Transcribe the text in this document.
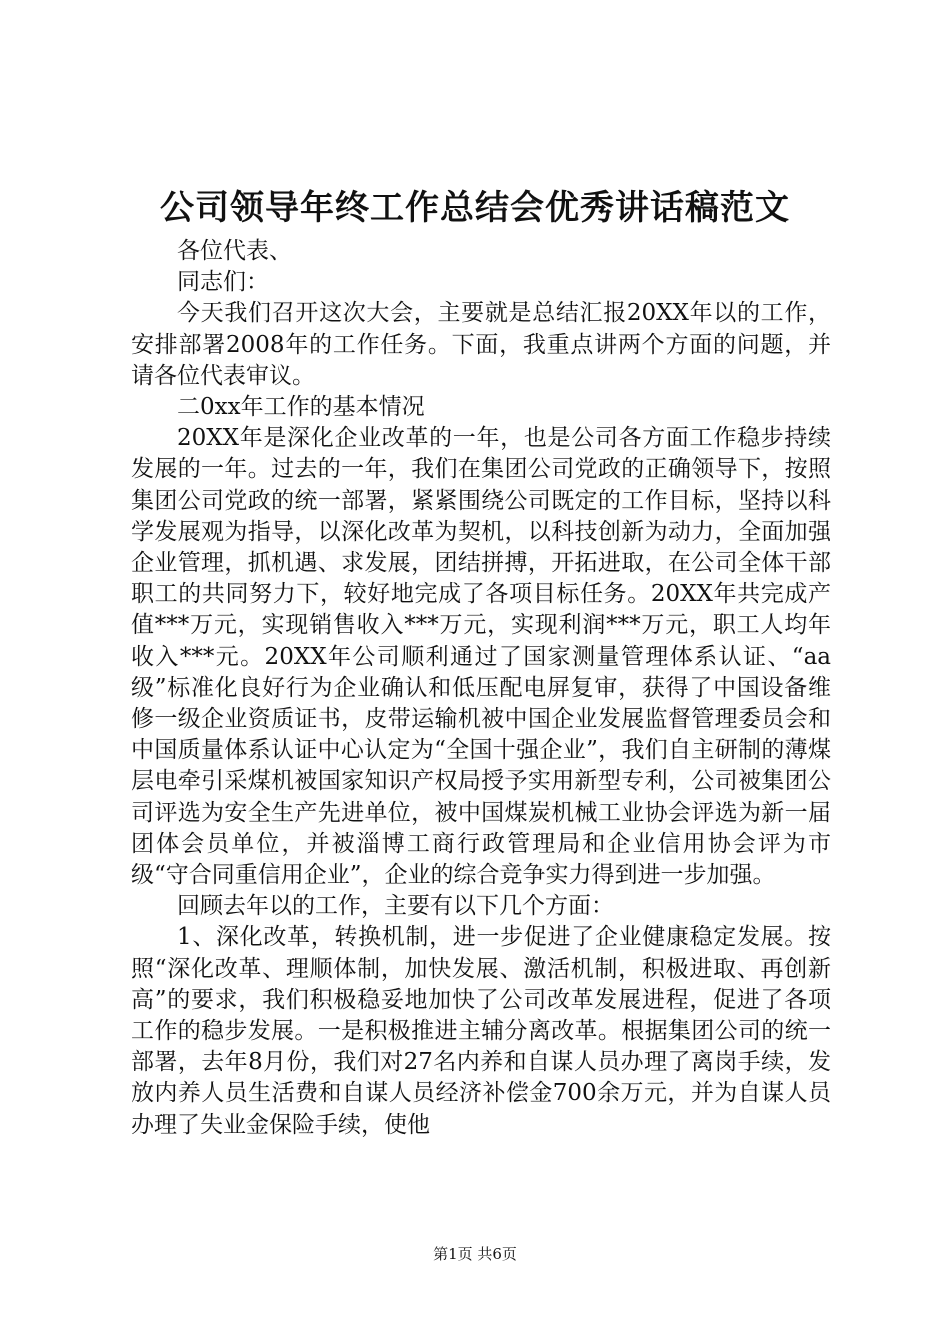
公司领导年终工作总结会优秀讲话稿范文

各位代表、

同志们：

今天我们召开这次大会，主要就是总结汇报20XX年以的工作，安排部署2008年的工作任务。下面，我重点讲两个方面的问题，并请各位代表审议。

二0xx年工作的基本情况

20XX年是深化企业改革的一年，也是公司各方面工作稳步持续发展的一年。过去的一年，我们在集团公司党政的正确领导下，按照集团公司党政的统一部署，紧紧围绕公司既定的工作目标，坚持以科学发展观为指导，以深化改革为契机，以科技创新为动力，全面加强企业管理，抓机遇、求发展，团结拼搏，开拓进取，在公司全体干部职工的共同努力下，较好地完成了各项目标任务。20XX年共完成产值***万元，实现销售收入***万元，实现利润***万元，职工人均年收入***元。20XX年公司顺利通过了国家测量管理体系认证、“aa级”标准化良好行为企业确认和低压配电屏复审，获得了中国设备维修一级企业资质证书，皮带运输机被中国企业发展监督管理委员会和中国质量体系认证中心认定为“全国十强企业”，我们自主研制的薄煤层电牵引采煤机被国家知识产权局授予实用新型专利，公司被集团公司评选为安全生产先进单位，被中国煤炭机械工业协会评选为新一届团体会员单位，并被淄博工商行政管理局和企业信用协会评为市级“守合同重信用企业”，企业的综合竞争实力得到进一步加强。

回顾去年以的工作，主要有以下几个方面：

1、深化改革，转换机制，进一步促进了企业健康稳定发展。按照“深化改革、理顺体制，加快发展、激活机制，积极进取、再创新高”的要求，我们积极稳妥地加快了公司改革发展进程，促进了各项工作的稳步发展。一是积极推进主辅分离改革。根据集团公司的统一部署，去年8月份，我们对27名内养和自谋人员办理了离岗手续，发放内养人员生活费和自谋人员经济补偿金700余万元，并为自谋人员办理了失业金保险手续，使他

第1页 共6页
